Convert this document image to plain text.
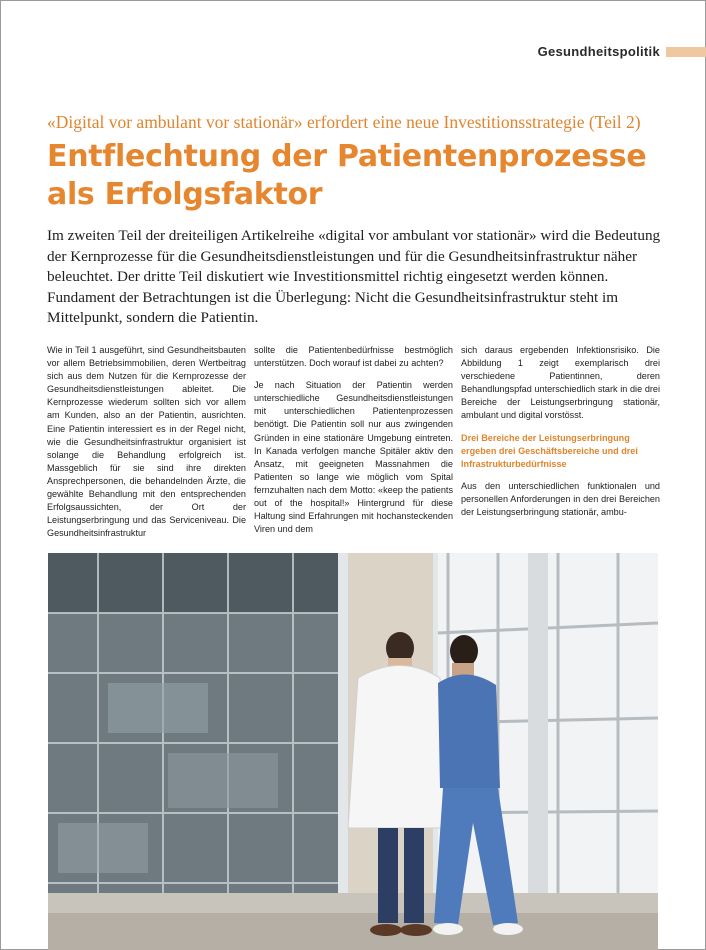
Gesundheitspolitik
«Digital vor ambulant vor stationär» erfordert eine neue Investitionsstrategie (Teil 2)
Entflechtung der Patientenprozesse
als Erfolgsfaktor

Im zweiten Teil der dreiteiligen Artikelreihe «digital vor ambulant vor stationär» wird die Bedeutung der Kernprozesse für die Gesundheitsdienstleistungen und für die Gesundheitsinfrastruktur näher beleuchtet. Der dritte Teil diskutiert wie Investitionsmittel richtig eingesetzt werden können. Fundament der Betrachtungen ist die Überlegung: Nicht die Gesundheitsinfrastruktur steht im Mittelpunkt, sondern die Patientin.

Wie in Teil 1 ausgeführt, sind Gesundheitsbauten vor allem Betriebsimmobilien, deren Wertbeitrag sich aus dem Nutzen für die Kernprozesse der Gesundheitsdienstleistungen ableitet. Die Kernprozesse wiederum sollten sich vor allem am Kunden, also an der Patientin, ausrichten. Eine Patientin interessiert es in der Regel nicht, wie die Gesundheitsinfrastruktur organisiert ist solange die Behandlung erfolgreich ist. Massgeblich für sie sind ihre direkten Ansprechpersonen, die behandelnden Ärzte, die gewählte Behandlung mit den entsprechenden Erfolgsaussichten, der Ort der Leistungserbringung und das Serviceniveau. Die Gesundheitsinfrastruktur

sollte die Patientenbedürfnisse bestmöglich unterstützen. Doch worauf ist dabei zu achten?

Je nach Situation der Patientin werden unterschiedliche Gesundheitsdienstleistungen mit unterschiedlichen Patientenprozessen benötigt. Die Patientin soll nur aus zwingenden Gründen in eine stationäre Umgebung eintreten. In Kanada verfolgen manche Spitäler aktiv den Ansatz, mit geeigneten Massnahmen die Patienten so lange wie möglich vom Spital fernzuhalten nach dem Motto: «keep the patients out of the hospital!» Hintergrund für diese Haltung sind Erfahrungen mit hochansteckenden Viren und dem

sich daraus ergebenden Infektionsrisiko. Die Abbildung 1 zeigt exemplarisch drei verschiedene Patientinnen, deren Behandlungspfad unterschiedlich stark in die drei Bereiche der Leistungserbringung stationär, ambulant und digital vorstösst.

Drei Bereiche der Leistungserbringung ergeben drei Geschäftsbereiche und drei Infrastrukturbedürfnisse

Aus den unterschiedlichen funktionalen und personellen Anforderungen in den drei Bereichen der Leistungserbringung stationär, ambu-
